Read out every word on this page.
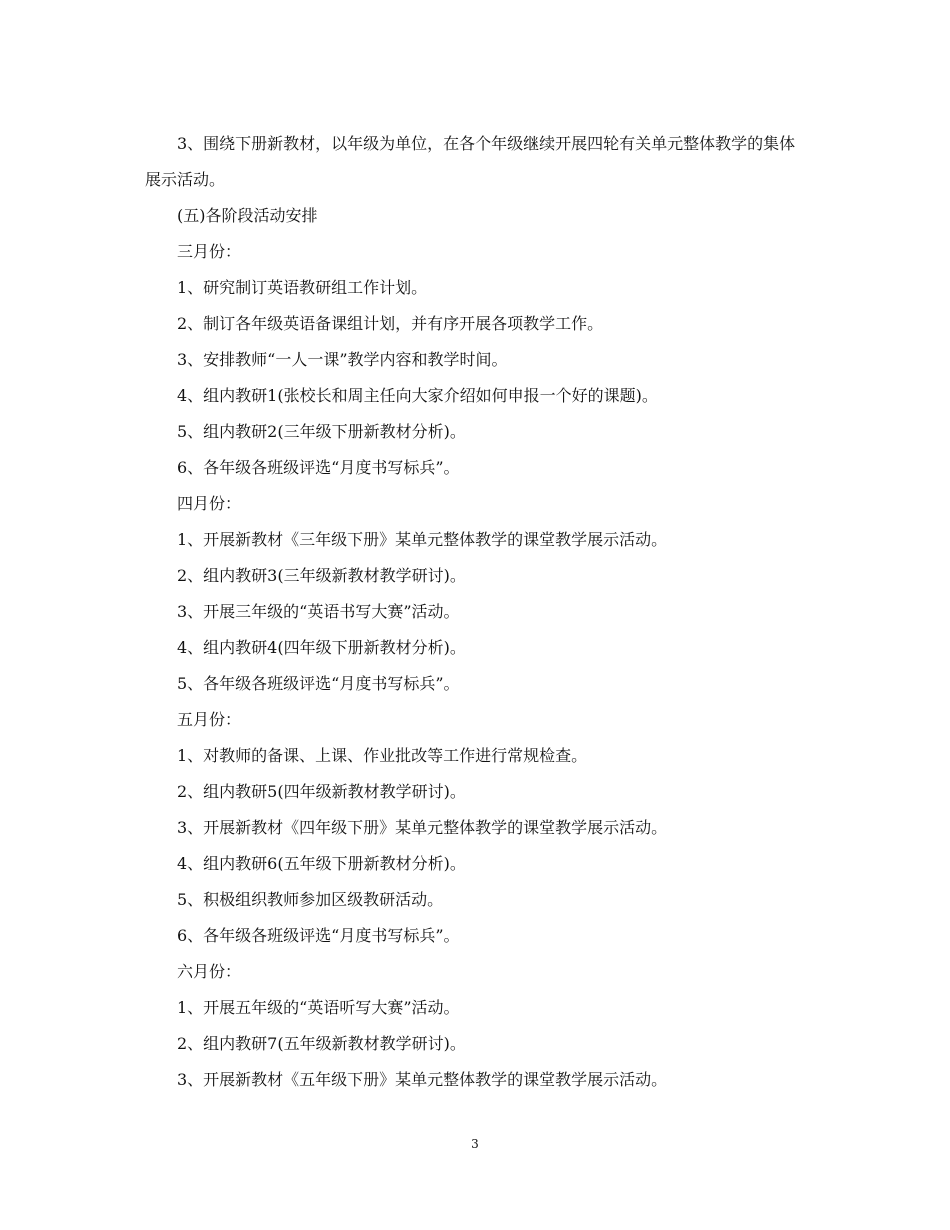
3、围绕下册新教材，以年级为单位，在各个年级继续开展四轮有关单元整体教学的集体展示活动。

(五)各阶段活动安排

三月份：

1、研究制订英语教研组工作计划。

2、制订各年级英语备课组计划，并有序开展各项教学工作。

3、安排教师“一人一课”教学内容和教学时间。

4、组内教研1(张校长和周主任向大家介绍如何申报一个好的课题)。

5、组内教研2(三年级下册新教材分析)。

6、各年级各班级评选“月度书写标兵”。

四月份：

1、开展新教材《三年级下册》某单元整体教学的课堂教学展示活动。

2、组内教研3(三年级新教材教学研讨)。

3、开展三年级的“英语书写大赛”活动。

4、组内教研4(四年级下册新教材分析)。

5、各年级各班级评选“月度书写标兵”。

五月份：

1、对教师的备课、上课、作业批改等工作进行常规检查。

2、组内教研5(四年级新教材教学研讨)。

3、开展新教材《四年级下册》某单元整体教学的课堂教学展示活动。

4、组内教研6(五年级下册新教材分析)。

5、积极组织教师参加区级教研活动。

6、各年级各班级评选“月度书写标兵”。

六月份：

1、开展五年级的“英语听写大赛”活动。

2、组内教研7(五年级新教材教学研讨)。

3、开展新教材《五年级下册》某单元整体教学的课堂教学展示活动。

3
